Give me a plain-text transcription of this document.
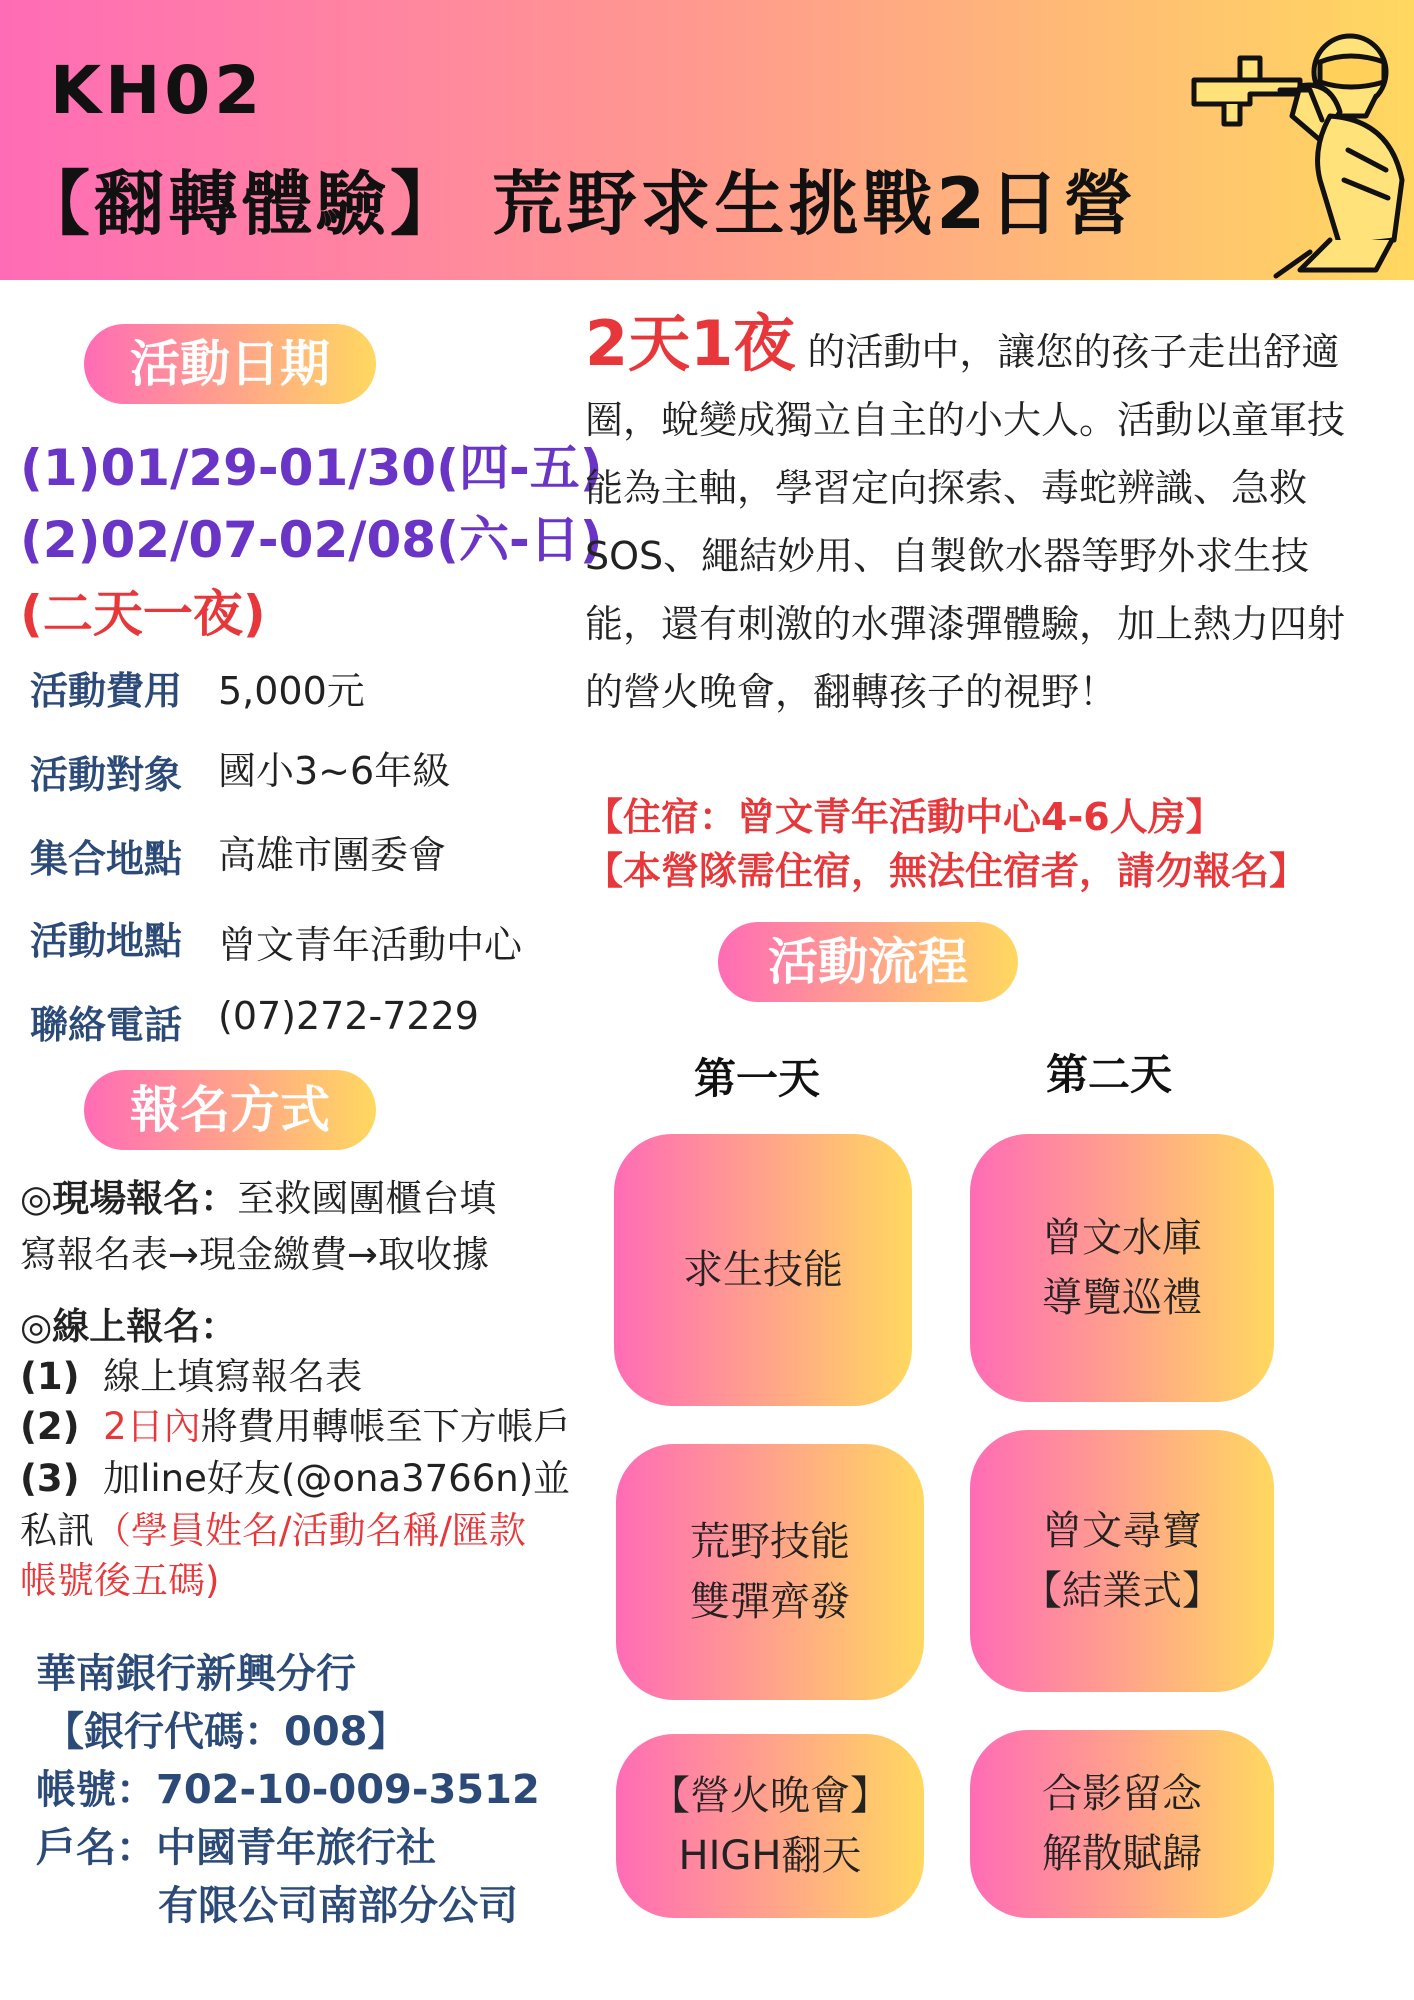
KH02
【翻轉體驗】 荒野求生挑戰2日營
活動日期
(1)01/29-01/30(四-五)
(2)02/07-02/08(六-日)
(二天一夜)
活動費用 5,000元
活動對象 國小3~6年級
集合地點 高雄市團委會
活動地點 曾文青年活動中心
聯絡電話 (07)272-7229
報名方式
◎現場報名：至救國團櫃台填
寫報名表→現金繳費→取收據
◎線上報名：
(1) 線上填寫報名表
(2) 2日內將費用轉帳至下方帳戶
(3) 加line好友(@ona3766n)並
私訊（學員姓名/活動名稱/匯款
帳號後五碼)
華南銀行新興分行
【銀行代碼：008】
帳號：702-10-009-3512
戶名：中國青年旅行社
有限公司南部分公司
2天1夜 的活動中，讓您的孩子走出舒適圈，蛻變成獨立自主的小大人。活動以童軍技能為主軸，學習定向探索、毒蛇辨識、急救SOS、繩結妙用、自製飲水器等野外求生技能，還有刺激的水彈漆彈體驗，加上熱力四射的營火晚會，翻轉孩子的視野！
【住宿：曾文青年活動中心4-6人房】
【本營隊需住宿，無法住宿者，請勿報名】
活動流程
第一天	第二天
求生技能
曾文水庫
導覽巡禮
荒野技能
雙彈齊發
曾文尋寶
【結業式】
【營火晚會】
HIGH翻天
合影留念
解散賦歸
